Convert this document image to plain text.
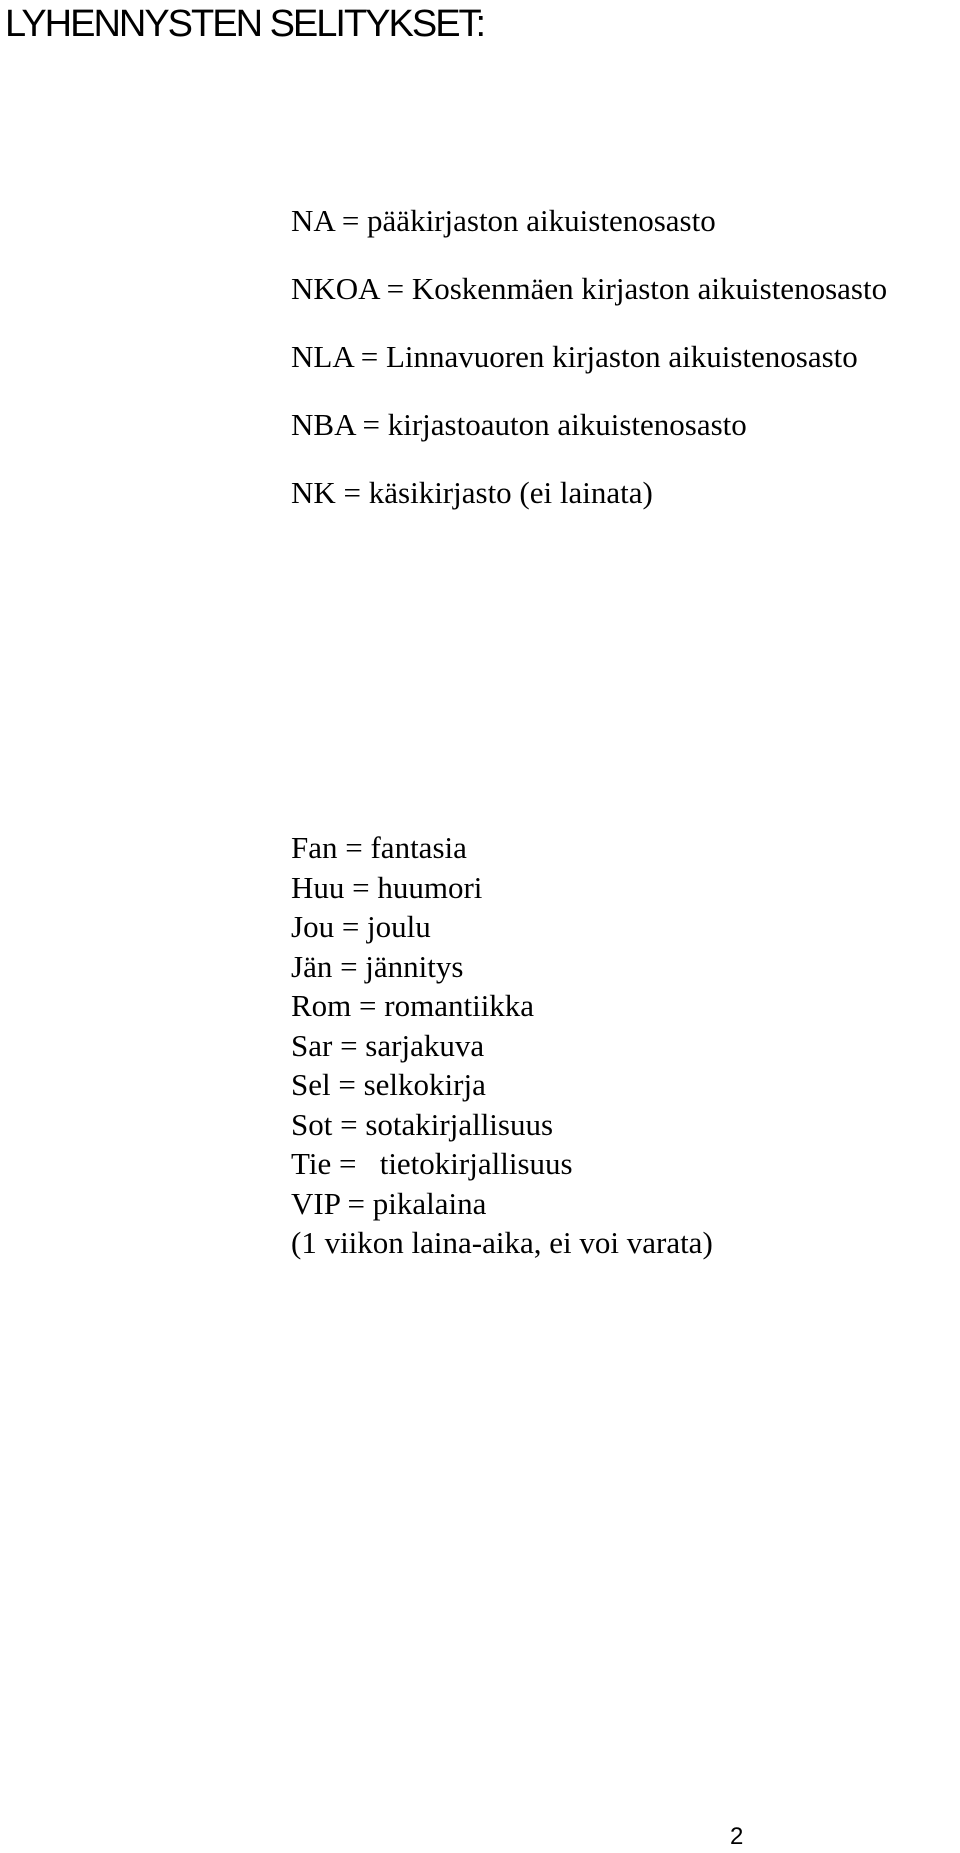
LYHENNYSTEN SELITYKSET:
NA = pääkirjaston aikuistenosasto
NKOA = Koskenmäen kirjaston aikuistenosasto
NLA = Linnavuoren kirjaston aikuistenosasto
NBA = kirjastoauton aikuistenosasto
NK = käsikirjasto (ei lainata)
Fan = fantasia
Huu = huumori
Jou = joulu
Jän = jännitys
Rom = romantiikka
Sar = sarjakuva
Sel = selkokirja
Sot = sotakirjallisuus
Tie =   tietokirjallisuus
VIP = pikalaina
(1 viikon laina-aika, ei voi varata)
2
